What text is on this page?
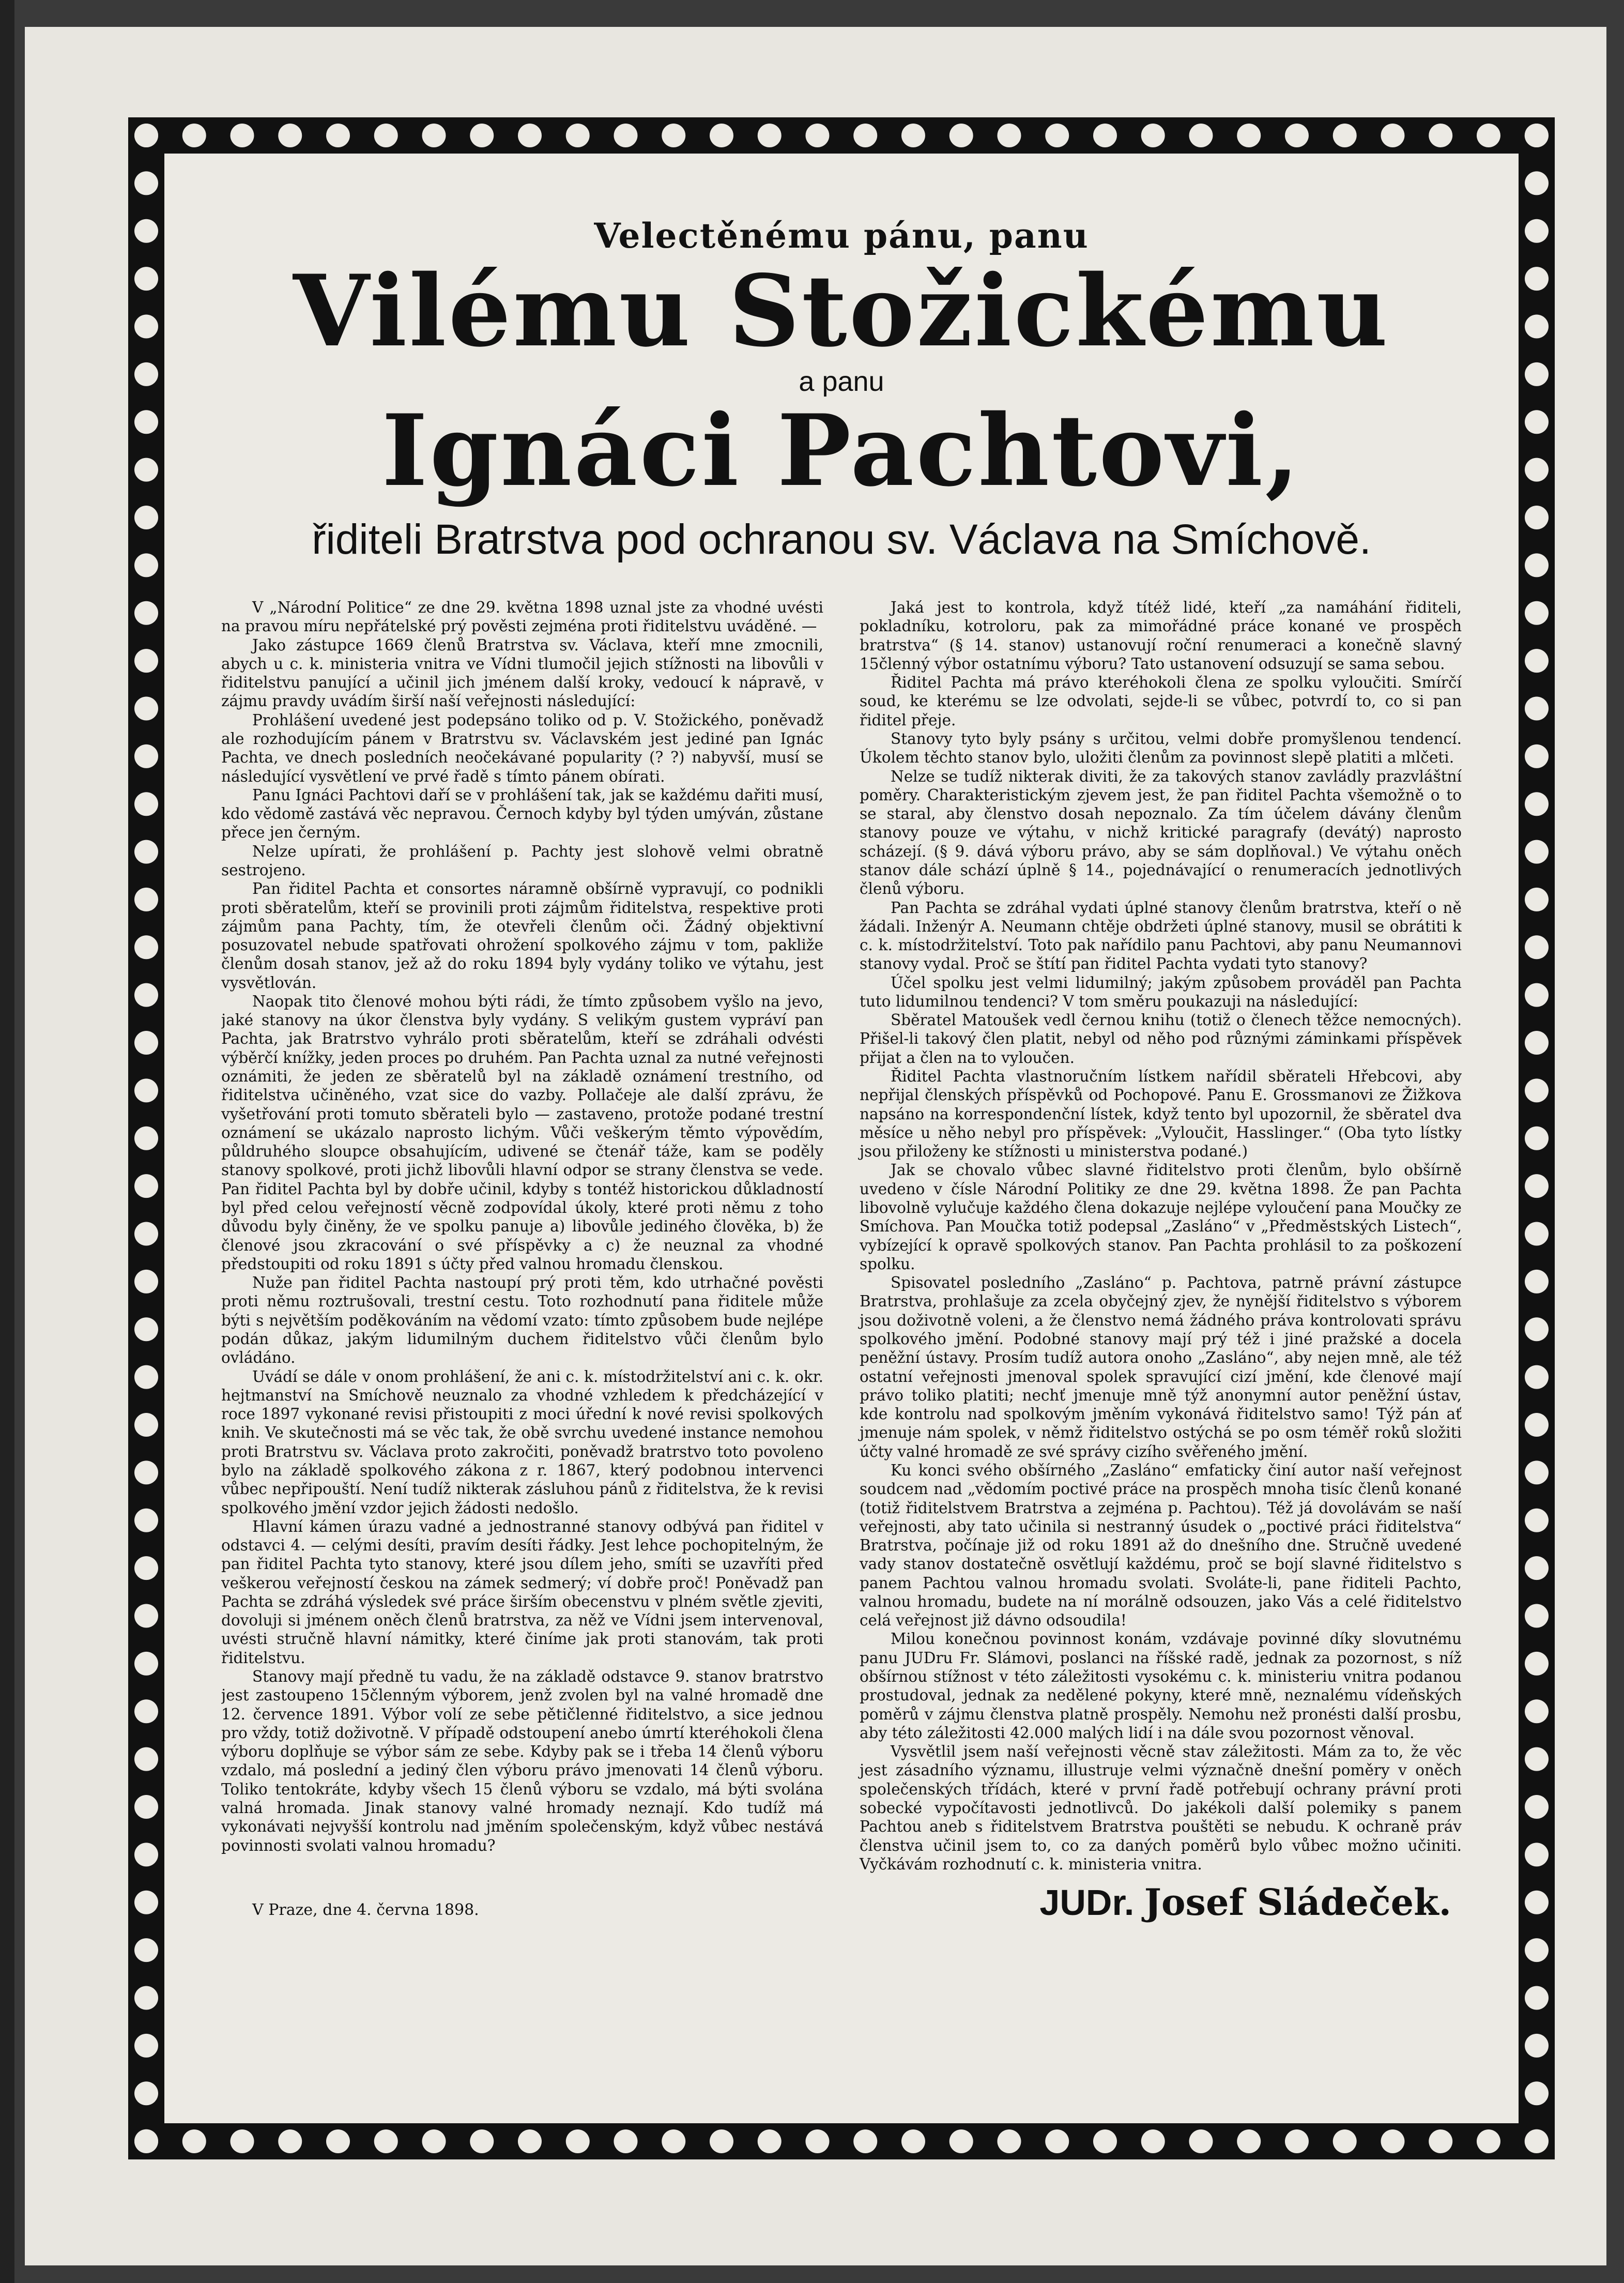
Velectěnému pánu, panu
Vilému Stožickému
a panu
Ignáci Pachtovi,
řiditeli Bratrstva pod ochranou sv. Václava na Smíchově.

V „Národní Politice“ ze dne 29. května 1898 uznal jste za vhodné uvésti na pravou míru nepřátelské prý pověsti zejména proti řiditelstvu uváděné. —

Jako zástupce 1669 členů Bratrstva sv. Václava, kteří mne zmocnili, abych u c. k. ministeria vnitra ve Vídni tlumočil jejich stížnosti na libovůli v řiditelstvu panující a učinil jich jménem další kroky, vedoucí k nápravě, v zájmu pravdy uvádím širší naší veřejnosti následující:

Prohlášení uvedené jest podepsáno toliko od p. V. Stožického, poněvadž ale rozhodujícím pánem v Bratrstvu sv. Václavském jest jediné pan Ignác Pachta, ve dnech posledních neočekávané popularity (? ?) nabyvší, musí se následující vysvětlení ve prvé řadě s tímto pánem obírati.

Panu Ignáci Pachtovi daří se v prohlášení tak, jak se každému dařiti musí, kdo vědomě zastává věc nepravou. Černoch kdyby byl týden umýván, zůstane přece jen černým.

Nelze upírati, že prohlášení p. Pachty jest slohově velmi obratně sestrojeno.

Pan řiditel Pachta et consortes náramně obšírně vypravují, co podnikli proti sběratelům, kteří se provinili proti zájmům řiditelstva, respektive proti zájmům pana Pachty, tím, že otevřeli členům oči. Žádný objektivní posuzovatel nebude spatřovati ohrožení spolkového zájmu v tom, pakliže členům dosah stanov, jež až do roku 1894 byly vydány toliko ve výtahu, jest vysvětlován.

Naopak tito členové mohou býti rádi, že tímto způsobem vyšlo na jevo, jaké stanovy na úkor členstva byly vydány. S velikým gustem vypráví pan Pachta, jak Bratrstvo vyhrálo proti sběratelům, kteří se zdráhali odvésti výběrčí knížky, jeden proces po druhém. Pan Pachta uznal za nutné veřejnosti oznámiti, že jeden ze sběratelů byl na základě oznámení trestního, od řiditelstva učiněného, vzat sice do vazby. Pollačeje ale další zprávu, že vyšetřování proti tomuto sběrateli bylo — zastaveno, protože podané trestní oznámení se ukázalo naprosto lichým. Vůči veškerým těmto výpovědím, půldruhého sloupce obsahujícím, udivené se čtenář táže, kam se poděly stanovy spolkové, proti jichž libovůli hlavní odpor se strany členstva se vede. Pan řiditel Pachta byl by dobře učinil, kdyby s tontéž historickou důkladností byl před celou veřejností věcně zodpovídal úkoly, které proti němu z toho důvodu byly činěny, že ve spolku panuje a) libovůle jediného člověka, b) že členové jsou zkracování o své příspěvky a c) že neuznal za vhodné předstoupiti od roku 1891 s účty před valnou hromadu členskou.

Nuže pan řiditel Pachta nastoupí prý proti těm, kdo utrhačné pověsti proti němu roztrušovali, trestní cestu. Toto rozhodnutí pana řiditele může býti s největším poděkováním na vědomí vzato: tímto způsobem bude nejlépe podán důkaz, jakým lidumilným duchem řiditelstvo vůči členům bylo ovládáno.

Uvádí se dále v onom prohlášení, že ani c. k. místodržitelství ani c. k. okr. hejtmanství na Smíchově neuznalo za vhodné vzhledem k předcházející v roce 1897 vykonané revisi přistoupiti z moci úřední k nové revisi spolkových knih. Ve skutečnosti má se věc tak, že obě svrchu uvedené instance nemohou proti Bratrstvu sv. Václava proto zakročiti, poněvadž bratrstvo toto povoleno bylo na základě spolkového zákona z r. 1867, který podobnou intervenci vůbec nepřipouští. Není tudíž nikterak zásluhou pánů z řiditelstva, že k revisi spolkového jmění vzdor jejich žádosti nedošlo.

Hlavní kámen úrazu vadné a jednostranné stanovy odbývá pan řiditel v odstavci 4. — celými desíti, pravím desíti řádky. Jest lehce pochopitelným, že pan řiditel Pachta tyto stanovy, které jsou dílem jeho, smíti se uzavříti před veškerou veřejností českou na zámek sedmerý; ví dobře proč! Poněvadž pan Pachta se zdráhá výsledek své práce širším obecenstvu v plném světle zjeviti, dovoluji si jménem oněch členů bratrstva, za něž ve Vídni jsem intervenoval, uvésti stručně hlavní námitky, které činíme jak proti stanovám, tak proti řiditelstvu.

Stanovy mají předně tu vadu, že na základě odstavce 9. stanov bratrstvo jest zastoupeno 15členným výborem, jenž zvolen byl na valné hromadě dne 12. července 1891. Výbor volí ze sebe pětičlenné řiditelstvo, a sice jednou pro vždy, totiž doživotně. V případě odstoupení anebo úmrtí kteréhokoli člena výboru doplňuje se výbor sám ze sebe. Kdyby pak se i třeba 14 členů výboru vzdalo, má poslední a jediný člen výboru právo jmenovati 14 členů výboru. Toliko tentokráte, kdyby všech 15 členů výboru se vzdalo, má býti svolána valná hromada. Jinak stanovy valné hromady neznají. Kdo tudíž má vykonávati nejvyšší kontrolu nad jměním společenským, když vůbec nestává povinnosti svolati valnou hromadu?

Jaká jest to kontrola, když títéž lidé, kteří „za namáhání řiditeli, pokladníku, kotroloru, pak za mimořádné práce konané ve prospěch bratrstva“ (§ 14. stanov) ustanovují roční renumeraci a konečně slavný 15členný výbor ostatnímu výboru? Tato ustanovení odsuzují se sama sebou.

Řiditel Pachta má právo kteréhokoli člena ze spolku vyloučiti. Smírčí soud, ke kterému se lze odvolati, sejde-li se vůbec, potvrdí to, co si pan řiditel přeje.

Stanovy tyto byly psány s určitou, velmi dobře promyšlenou tendencí. Úkolem těchto stanov bylo, uložiti členům za povinnost slepě platiti a mlčeti.

Nelze se tudíž nikterak diviti, že za takových stanov zavládly prazvláštní poměry. Charakteristickým zjevem jest, že pan řiditel Pachta všemožně o to se staral, aby členstvo dosah nepoznalo. Za tím účelem dávány členům stanovy pouze ve výtahu, v nichž kritické paragrafy (devátý) naprosto scházejí. (§ 9. dává výboru právo, aby se sám doplňoval.) Ve výtahu oněch stanov dále schází úplně § 14., pojednávající o renumeracích jednotlivých členů výboru.

Pan Pachta se zdráhal vydati úplné stanovy členům bratrstva, kteří o ně žádali. Inženýr A. Neumann chtěje obdržeti úplné stanovy, musil se obrátiti k c. k. místodržitelství. Toto pak nařídilo panu Pachtovi, aby panu Neumannovi stanovy vydal. Proč se štítí pan řiditel Pachta vydati tyto stanovy?

Účel spolku jest velmi lidumilný; jakým způsobem prováděl pan Pachta tuto lidumilnou tendenci? V tom směru poukazuji na následující:

Sběratel Matoušek vedl černou knihu (totiž o členech těžce nemocných). Přišel-li takový člen platit, nebyl od něho pod různými záminkami příspěvek přijat a člen na to vyloučen.

Řiditel Pachta vlastnoručním lístkem nařídil sběrateli Hřebcovi, aby nepřijal členských příspěvků od Pochopové. Panu E. Grossmanovi ze Žižkova napsáno na korrespondenční lístek, když tento byl upozornil, že sběratel dva měsíce u něho nebyl pro příspěvek: „Vyloučit, Hasslinger.“ (Oba tyto lístky jsou přiloženy ke stížnosti u ministerstva podané.)

Jak se chovalo vůbec slavné řiditelstvo proti členům, bylo obšírně uvedeno v čísle Národní Politiky ze dne 29. května 1898. Že pan Pachta libovolně vylučuje každého člena dokazuje nejlépe vyloučení pana Moučky ze Smíchova. Pan Moučka totiž podepsal „Zasláno“ v „Předměstských Listech“, vybízející k opravě spolkových stanov. Pan Pachta prohlásil to za poškození spolku.

Spisovatel posledního „Zasláno“ p. Pachtova, patrně právní zástupce Bratrstva, prohlašuje za zcela obyčejný zjev, že nynější řiditelstvo s výborem jsou doživotně voleni, a že členstvo nemá žádného práva kontrolovati správu spolkového jmění. Podobné stanovy mají prý též i jiné pražské a docela peněžní ústavy. Prosím tudíž autora onoho „Zasláno“, aby nejen mně, ale též ostatní veřejnosti jmenoval spolek spravující cizí jmění, kde členové mají právo toliko platiti; nechť jmenuje mně týž anonymní autor peněžní ústav, kde kontrolu nad spolkovým jměním vykonává řiditelstvo samo! Týž pán ať jmenuje nám spolek, v němž řiditelstvo ostýchá se po osm téměř roků složiti účty valné hromadě ze své správy cizího svěřeného jmění.

Ku konci svého obšírného „Zasláno“ emfaticky činí autor naší veřejnost soudcem nad „vědomím poctivé práce na prospěch mnoha tisíc členů konané (totiž řiditelstvem Bratrstva a zejména p. Pachtou). Též já dovolávám se naší veřejnosti, aby tato učinila si nestranný úsudek o „poctivé práci řiditelstva“ Bratrstva, počínaje již od roku 1891 až do dnešního dne. Stručně uvedené vady stanov dostatečně osvětlují každému, proč se bojí slavné řiditelstvo s panem Pachtou valnou hromadu svolati. Svoláte-li, pane řiditeli Pachto, valnou hromadu, budete na ní morálně odsouzen, jako Vás a celé řiditelstvo celá veřejnost již dávno odsoudila!

Milou konečnou povinnost konám, vzdávaje povinné díky slovutnému panu JUDru Fr. Slámovi, poslanci na říšské radě, jednak za pozornost, s níž obšírnou stížnost v této záležitosti vysokému c. k. ministeriu vnitra podanou prostudoval, jednak za nedělené pokyny, které mně, neznalému vídeňských poměrů v zájmu členstva platně prospěly. Nemohu než pronésti další prosbu, aby této záležitosti 42.000 malých lidí i na dále svou pozornost věnoval.

Vysvětlil jsem naší veřejnosti věcně stav záležitosti. Mám za to, že věc jest zásadního významu, illustruje velmi význačně dnešní poměry v oněch společenských třídách, které v první řadě potřebují ochrany právní proti sobecké vypočítavosti jednotlivců. Do jakékoli další polemiky s panem Pachtou aneb s řiditelstvem Bratrstva pouštěti se nebudu. K ochraně práv členstva učinil jsem to, co za daných poměrů bylo vůbec možno učiniti. Vyčkávám rozhodnutí c. k. ministeria vnitra.

V Praze, dne 4. června 1898.	JUDr. Josef Sládeček.
